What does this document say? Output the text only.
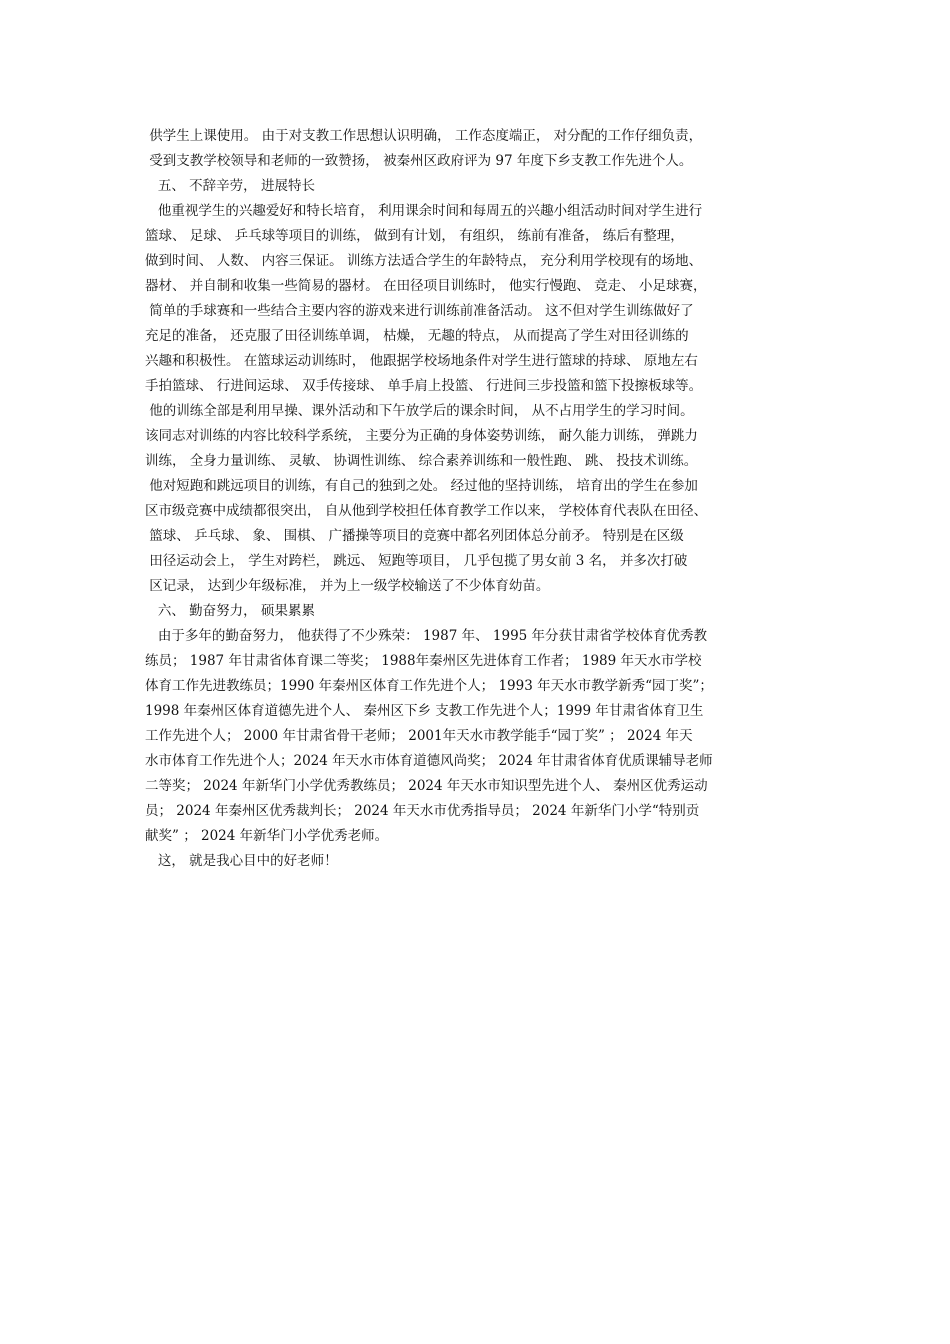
供学生上课使用。 由于对支教工作思想认识明确， 工作态度端正， 对分配的工作仔细负责，
受到支教学校领导和老师的一致赞扬， 被秦州区政府评为 97 年度下乡支教工作先进个人。
五、 不辞辛劳， 进展特长
他重视学生的兴趣爱好和特长培育， 利用课余时间和每周五的兴趣小组活动时间对学生进行
篮球、 足球、 乒乓球等项目的训练， 做到有计划， 有组织， 练前有准备， 练后有整理，
做到时间、 人数、 内容三保证。 训练方法适合学生的年龄特点， 充分利用学校现有的场地、
器材、 并自制和收集一些简易的器材。 在田径项目训练时， 他实行慢跑、 竞走、 小足球赛，
简单的手球赛和一些结合主要内容的游戏来进行训练前准备活动。 这不但对学生训练做好了
充足的准备， 还克服了田径训练单调， 枯燥， 无趣的特点， 从而提高了学生对田径训练的
兴趣和积极性。 在篮球运动训练时， 他跟据学校场地条件对学生进行篮球的持球、 原地左右
手拍篮球、 行进间运球、 双手传接球、 单手肩上投篮、 行进间三步投篮和篮下投擦板球等。
他的训练全部是利用早操、课外活动和下午放学后的课余时间， 从不占用学生的学习时间。
该同志对训练的内容比较科学系统， 主要分为正确的身体姿势训练， 耐久能力训练， 弹跳力
训练， 全身力量训练、 灵敏、 协调性训练、 综合素养训练和一般性跑、 跳、 投技术训练。
他对短跑和跳远项目的训练，有自己的独到之处。 经过他的坚持训练， 培育出的学生在参加
区市级竞赛中成绩都很突出， 自从他到学校担任体育教学工作以来， 学校体育代表队在田径、
篮球、 乒乓球、 象、 围棋、 广播操等项目的竞赛中都名列团体总分前矛。 特别是在区级
田径运动会上， 学生对跨栏， 跳远、 短跑等项目， 几乎包揽了男女前 3 名， 并多次打破
区记录， 达到少年级标准， 并为上一级学校输送了不少体育幼苗。
六、 勤奋努力， 硕果累累
由于多年的勤奋努力， 他获得了不少殊荣： 1987 年、 1995 年分获甘肃省学校体育优秀教
练员； 1987 年甘肃省体育课二等奖； 1988年秦州区先进体育工作者； 1989 年天水市学校
体育工作先进教练员；1990 年秦州区体育工作先进个人； 1993 年天水市教学新秀“园丁奖”；
1998 年秦州区体育道德先进个人、 秦州区下乡 支教工作先进个人；1999 年甘肃省体育卫生
工作先进个人； 2000 年甘肃省骨干老师； 2001年天水市教学能手“园丁奖” ； 2024 年天
水市体育工作先进个人；2024 年天水市体育道德风尚奖； 2024 年甘肃省体育优质课辅导老师
二等奖； 2024 年新华门小学优秀教练员； 2024 年天水市知识型先进个人、 秦州区优秀运动
员； 2024 年秦州区优秀裁判长； 2024 年天水市优秀指导员； 2024 年新华门小学“特别贡
献奖” ； 2024 年新华门小学优秀老师。
这， 就是我心目中的好老师！
